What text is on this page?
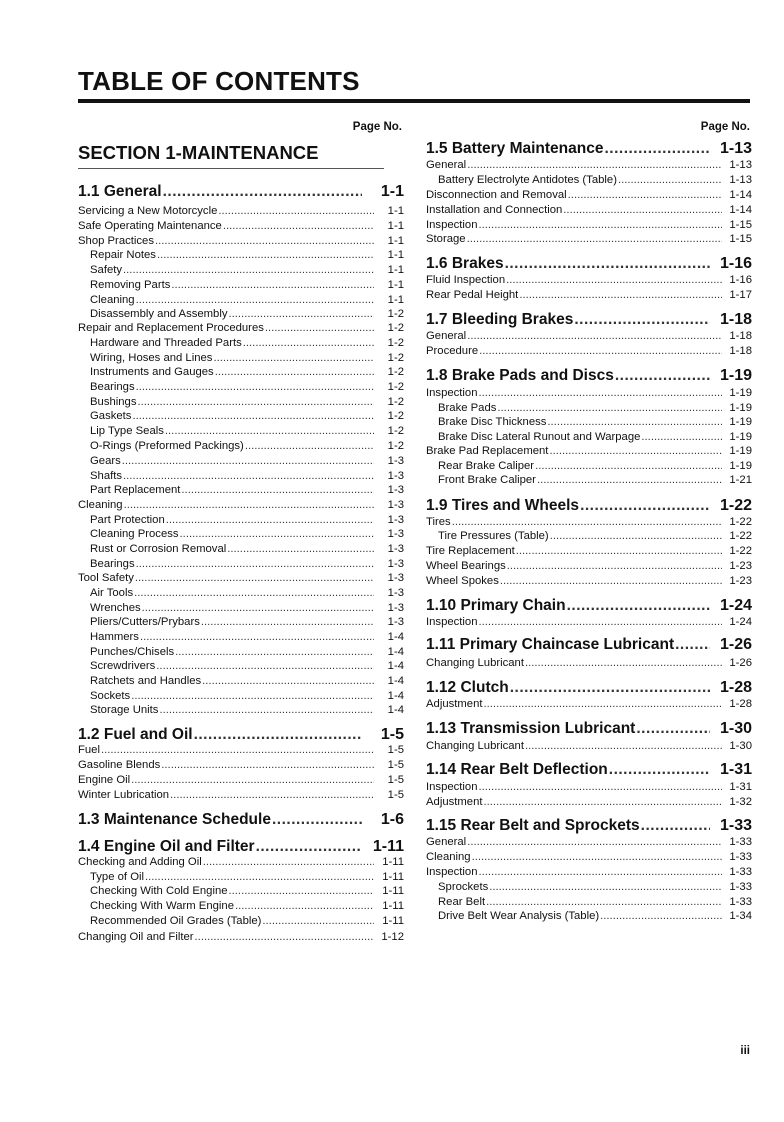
TABLE OF CONTENTS
Page No.
SECTION 1-MAINTENANCE
1.1 General .....	1-1
Servicing a New Motorcycle .....	1-1
Safe Operating Maintenance .....	1-1
Shop Practices .....	1-1
Repair Notes .....	1-1
Safety .....	1-1
Removing Parts .....	1-1
Cleaning .....	1-1
Disassembly and Assembly .....	1-2
Repair and Replacement Procedures .....	1-2
Hardware and Threaded Parts .....	1-2
Wiring, Hoses and Lines .....	1-2
Instruments and Gauges .....	1-2
Bearings .....	1-2
Bushings .....	1-2
Gaskets .....	1-2
Lip Type Seals .....	1-2
O-Rings (Preformed Packings) .....	1-2
Gears .....	1-3
Shafts .....	1-3
Part Replacement .....	1-3
Cleaning .....	1-3
Part Protection .....	1-3
Cleaning Process .....	1-3
Rust or Corrosion Removal .....	1-3
Bearings .....	1-3
Tool Safety .....	1-3
Air Tools .....	1-3
Wrenches .....	1-3
Pliers/Cutters/Prybars .....	1-3
Hammers .....	1-4
Punches/Chisels .....	1-4
Screwdrivers .....	1-4
Ratchets and Handles .....	1-4
Sockets .....	1-4
Storage Units .....	1-4
1.2 Fuel and Oil .....	1-5
Fuel .....	1-5
Gasoline Blends .....	1-5
Engine Oil .....	1-5
Winter Lubrication .....	1-5
1.3 Maintenance Schedule .....	1-6
1.4 Engine Oil and Filter .....	1-11
Checking and Adding Oil .....	1-11
Type of Oil .....	1-11
Checking With Cold Engine .....	1-11
Checking With Warm Engine .....	1-11
Recommended Oil Grades (Table) .....	1-11
Changing Oil and Filter .....	1-12
Page No.
1.5 Battery Maintenance .....	1-13
General .....	1-13
Battery Electrolyte Antidotes (Table) .....	1-13
Disconnection and Removal .....	1-14
Installation and Connection .....	1-14
Inspection .....	1-15
Storage .....	1-15
1.6 Brakes .....	1-16
Fluid Inspection .....	1-16
Rear Pedal Height .....	1-17
1.7 Bleeding Brakes .....	1-18
General .....	1-18
Procedure .....	1-18
1.8 Brake Pads and Discs .....	1-19
Inspection .....	1-19
Brake Pads .....	1-19
Brake Disc Thickness .....	1-19
Brake Disc Lateral Runout and Warpage .....	1-19
Brake Pad Replacement .....	1-19
Rear Brake Caliper .....	1-19
Front Brake Caliper .....	1-21
1.9 Tires and Wheels .....	1-22
Tires .....	1-22
Tire Pressures (Table) .....	1-22
Tire Replacement .....	1-22
Wheel Bearings .....	1-23
Wheel Spokes .....	1-23
1.10 Primary Chain .....	1-24
Inspection .....	1-24
1.11 Primary Chaincase Lubricant .....	1-26
Changing Lubricant .....	1-26
1.12 Clutch .....	1-28
Adjustment .....	1-28
1.13 Transmission Lubricant .....	1-30
Changing Lubricant .....	1-30
1.14 Rear Belt Deflection .....	1-31
Inspection .....	1-31
Adjustment .....	1-32
1.15 Rear Belt and Sprockets .....	1-33
General .....	1-33
Cleaning .....	1-33
Inspection .....	1-33
Sprockets .....	1-33
Rear Belt .....	1-33
Drive Belt Wear Analysis (Table) .....	1-34
iii
